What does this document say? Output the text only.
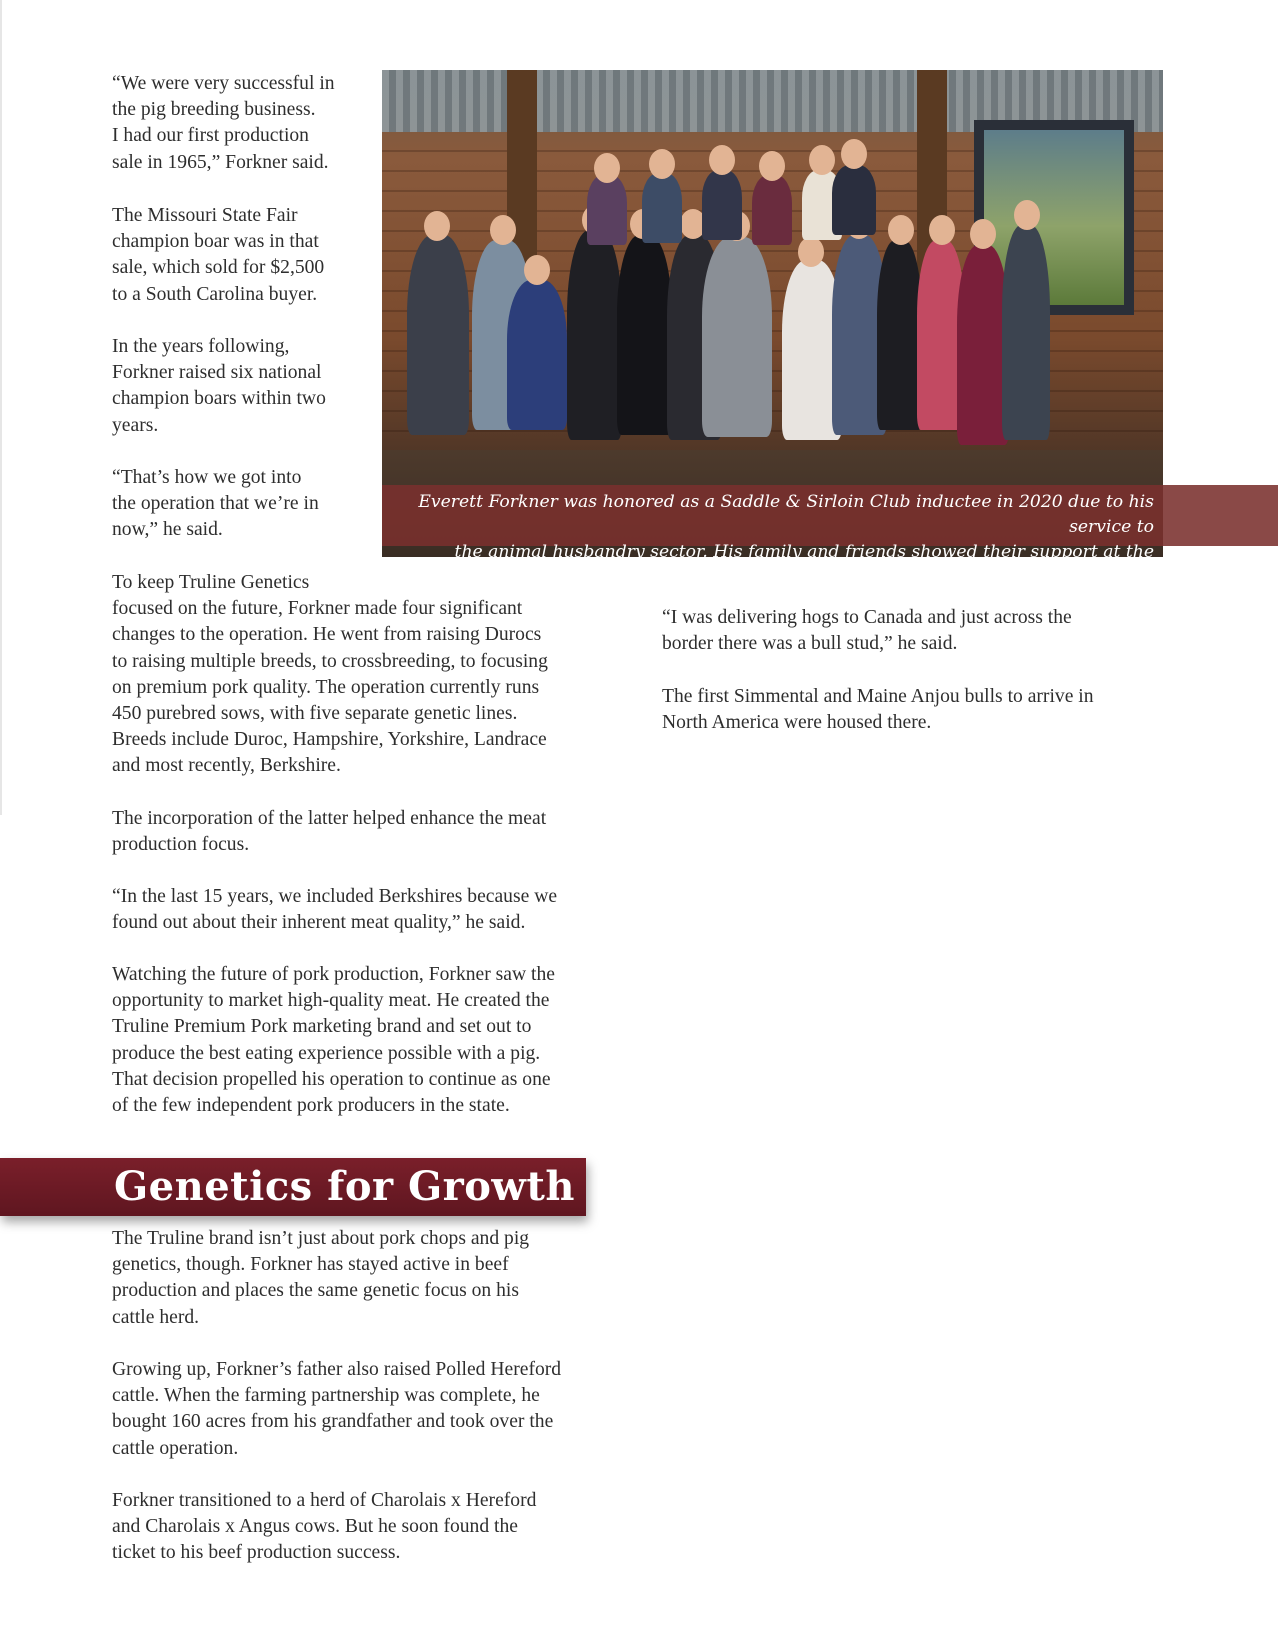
“We were very successful in
the pig breeding business.
I had our first production
sale in 1965,” Forkner said.

The Missouri State Fair
champion boar was in that
sale, which sold for $2,500
to a South Carolina buyer.

In the years following,
Forkner raised six national
champion boars within two
years.

“That’s how we got into
the operation that we’re in
now,” he said.

Everett Forkner was honored as a Saddle & Sirloin Club inductee in 2020 due to his service to
the animal husbandry sector. His family and friends showed their support at the banquet.

To keep Truline Genetics
focused on the future, Forkner made four significant
changes to the operation. He went from raising Durocs
to raising multiple breeds, to crossbreeding, to focusing
on premium pork quality. The operation currently runs
450 purebred sows, with five separate genetic lines.
Breeds include Duroc, Hampshire, Yorkshire, Landrace
and most recently, Berkshire.

The incorporation of the latter helped enhance the meat
production focus.

“In the last 15 years, we included Berkshires because we
found out about their inherent meat quality,” he said.

Watching the future of pork production, Forkner saw the
opportunity to market high-quality meat. He created the
Truline Premium Pork marketing brand and set out to
produce the best eating experience possible with a pig.
That decision propelled his operation to continue as one
of the few independent pork producers in the state.

“I was delivering hogs to Canada and just across the
border there was a bull stud,” he said.

The first Simmental and Maine Anjou bulls to arrive in
North America were housed there.

Genetics for Growth

The Truline brand isn’t just about pork chops and pig
genetics, though. Forkner has stayed active in beef
production and places the same genetic focus on his
cattle herd.

Growing up, Forkner’s father also raised Polled Hereford
cattle. When the farming partnership was complete, he
bought 160 acres from his grandfather and took over the
cattle operation.

Forkner transitioned to a herd of Charolais x Hereford
and Charolais x Angus cows. But he soon found the
ticket to his beef production success.
